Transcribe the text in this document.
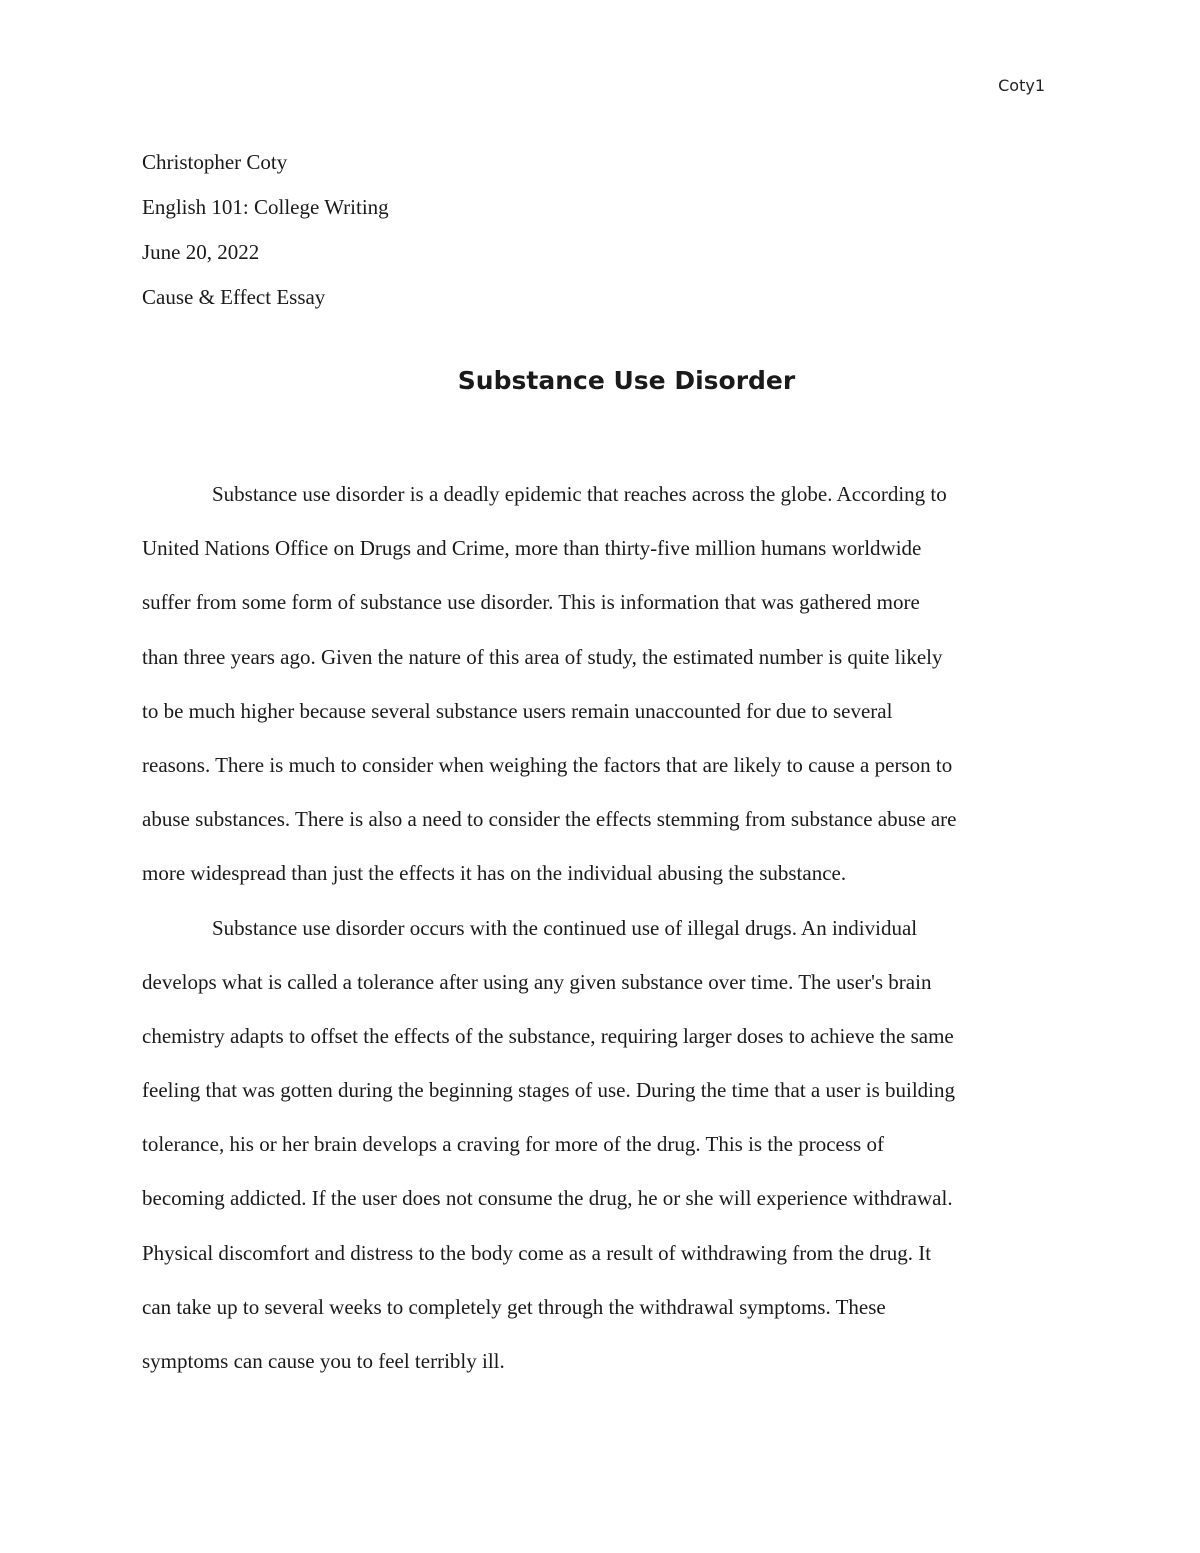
Coty1
Christopher Coty
English 101: College Writing
June 20, 2022
Cause & Effect Essay
Substance Use Disorder
Substance use disorder is a deadly epidemic that reaches across the globe. According to
United Nations Office on Drugs and Crime, more than thirty-five million humans worldwide
suffer from some form of substance use disorder. This is information that was gathered more
than three years ago. Given the nature of this area of study, the estimated number is quite likely
to be much higher because several substance users remain unaccounted for due to several
reasons. There is much to consider when weighing the factors that are likely to cause a person to
abuse substances. There is also a need to consider the effects stemming from substance abuse are
more widespread than just the effects it has on the individual abusing the substance.
Substance use disorder occurs with the continued use of illegal drugs. An individual
develops what is called a tolerance after using any given substance over time. The user's brain
chemistry adapts to offset the effects of the substance, requiring larger doses to achieve the same
feeling that was gotten during the beginning stages of use. During the time that a user is building
tolerance, his or her brain develops a craving for more of the drug. This is the process of
becoming addicted. If the user does not consume the drug, he or she will experience withdrawal.
Physical discomfort and distress to the body come as a result of withdrawing from the drug. It
can take up to several weeks to completely get through the withdrawal symptoms. These
symptoms can cause you to feel terribly ill.
